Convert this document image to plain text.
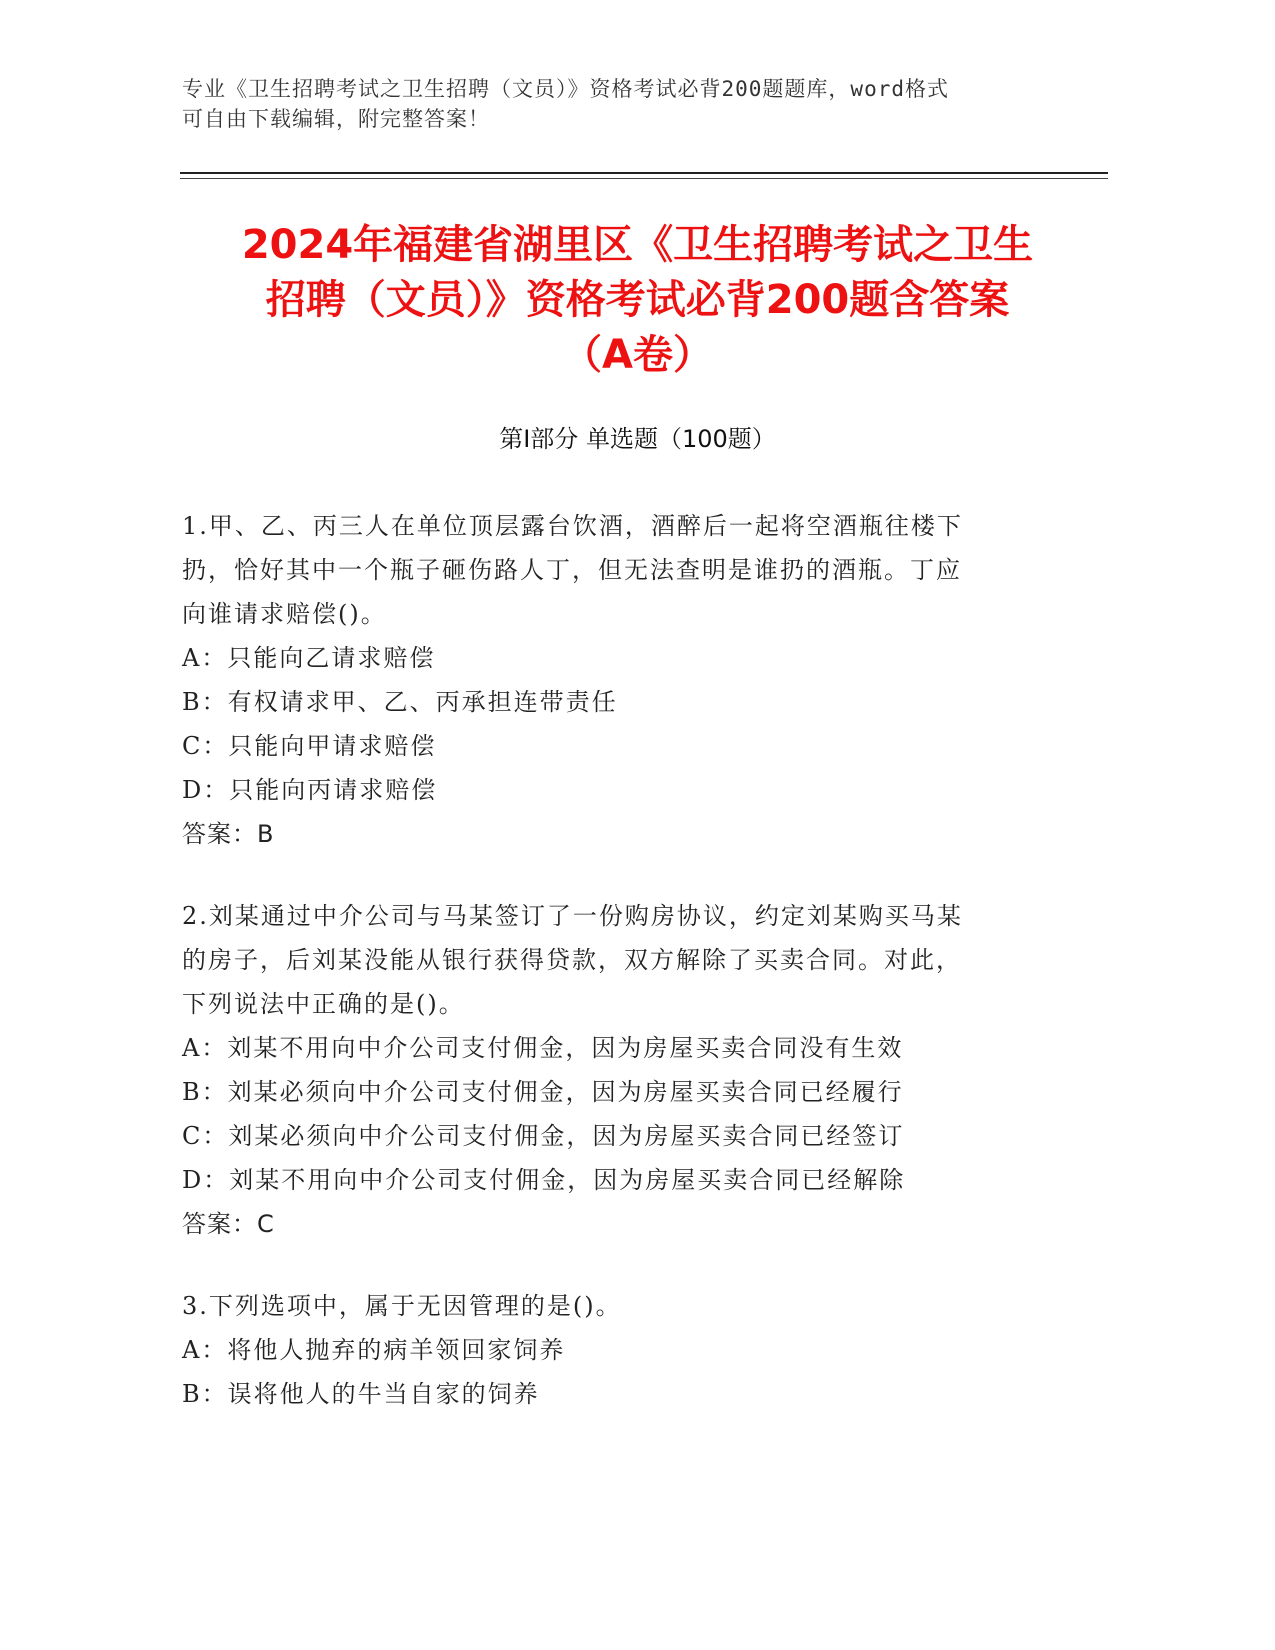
专业《卫生招聘考试之卫生招聘（文员）》资格考试必背200题题库，word格式
可自由下载编辑，附完整答案！
2024年福建省湖里区《卫生招聘考试之卫生
招聘（文员）》资格考试必背200题含答案
（A卷）
第Ⅰ部分 单选题（100题）
1.甲、乙、丙三人在单位顶层露台饮酒，酒醉后一起将空酒瓶往楼下
扔，恰好其中一个瓶子砸伤路人丁，但无法查明是谁扔的酒瓶。丁应
向谁请求赔偿()。
A：只能向乙请求赔偿
B：有权请求甲、乙、丙承担连带责任
C：只能向甲请求赔偿
D：只能向丙请求赔偿
答案：B
2.刘某通过中介公司与马某签订了一份购房协议，约定刘某购买马某
的房子，后刘某没能从银行获得贷款，双方解除了买卖合同。对此，
下列说法中正确的是()。
A：刘某不用向中介公司支付佣金，因为房屋买卖合同没有生效
B：刘某必须向中介公司支付佣金，因为房屋买卖合同已经履行
C：刘某必须向中介公司支付佣金，因为房屋买卖合同已经签订
D：刘某不用向中介公司支付佣金，因为房屋买卖合同已经解除
答案：C
3.下列选项中，属于无因管理的是()。
A：将他人抛弃的病羊领回家饲养
B：误将他人的牛当自家的饲养
